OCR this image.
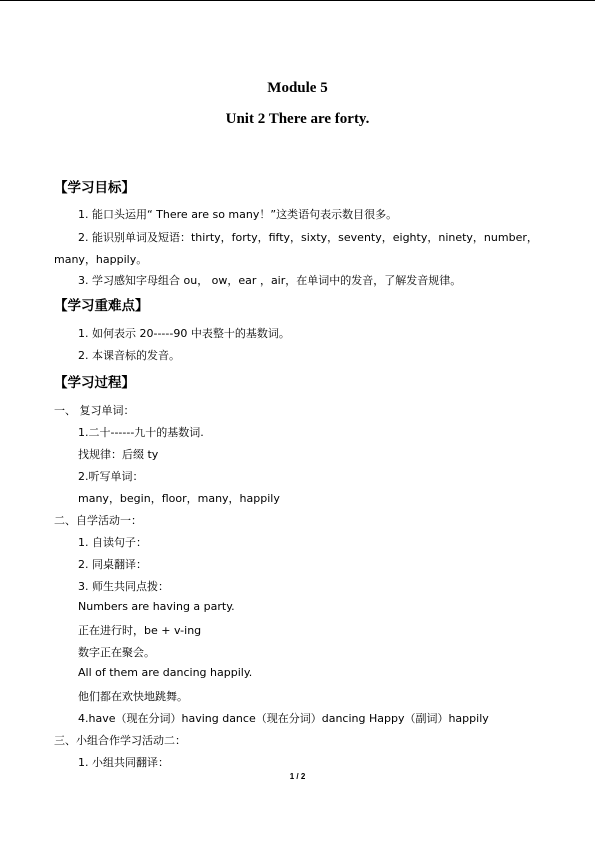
Module 5
Unit 2 There are forty.
【学习目标】
1. 能口头运用“ There are so many！”这类语句表示数目很多。
2. 能识别单词及短语：thirty，forty，fifty，sixty，seventy，eighty，ninety，number，
many，happily。
3. 学习感知字母组合 ou， ow，ear ，air，在单词中的发音，了解发音规律。
【学习重难点】
1. 如何表示 20-----90 中表整十的基数词。
2. 本课音标的发音。
【学习过程】
一、 复习单词：
1.二十------九十的基数词.
找规律：后缀 ty
2.听写单词：
many，begin，floor，many，happily
二、自学活动一：
1. 自读句子：
2. 同桌翻译：
3. 师生共同点拨：
Numbers are having a party.
正在进行时，be + v-ing
数字正在聚会。
All of them are dancing happily.
他们都在欢快地跳舞。
4.have（现在分词）having dance（现在分词）dancing Happy（副词）happily
三、小组合作学习活动二：
1. 小组共同翻译：
1 / 2
